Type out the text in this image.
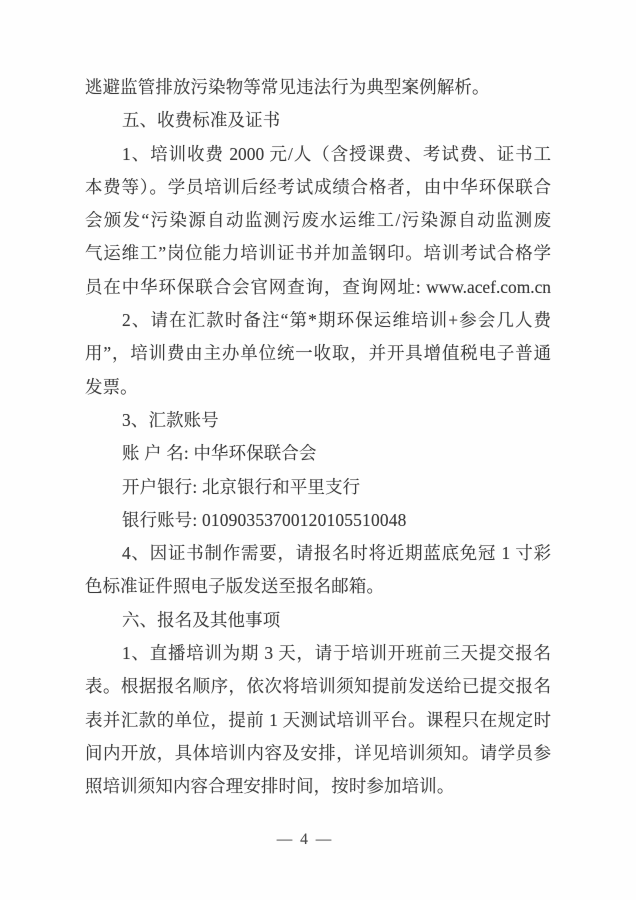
逃避监管排放污染物等常见违法行为典型案例解析。

五、收费标准及证书

1、培训收费 2000 元/人（含授课费、考试费、证书工

本费等）。学员培训后经考试成绩合格者，由中华环保联合

会颁发“污染源自动监测污废水运维工/污染源自动监测废

气运维工”岗位能力培训证书并加盖钢印。培训考试合格学

员在中华环保联合会官网查询，查询网址: www.acef.com.cn

2、请在汇款时备注“第*期环保运维培训+参会几人费

用”，培训费由主办单位统一收取，并开具增值税电子普通

发票。

3、汇款账号

账 户 名: 中华环保联合会

开户银行: 北京银行和平里支行

银行账号: 01090353700120105510048

4、因证书制作需要，请报名时将近期蓝底免冠 1 寸彩

色标准证件照电子版发送至报名邮箱。

六、报名及其他事项

1、直播培训为期 3 天，请于培训开班前三天提交报名

表。根据报名顺序，依次将培训须知提前发送给已提交报名

表并汇款的单位，提前 1 天测试培训平台。课程只在规定时

间内开放，具体培训内容及安排，详见培训须知。请学员参

照培训须知内容合理安排时间，按时参加培训。

— 4 —
